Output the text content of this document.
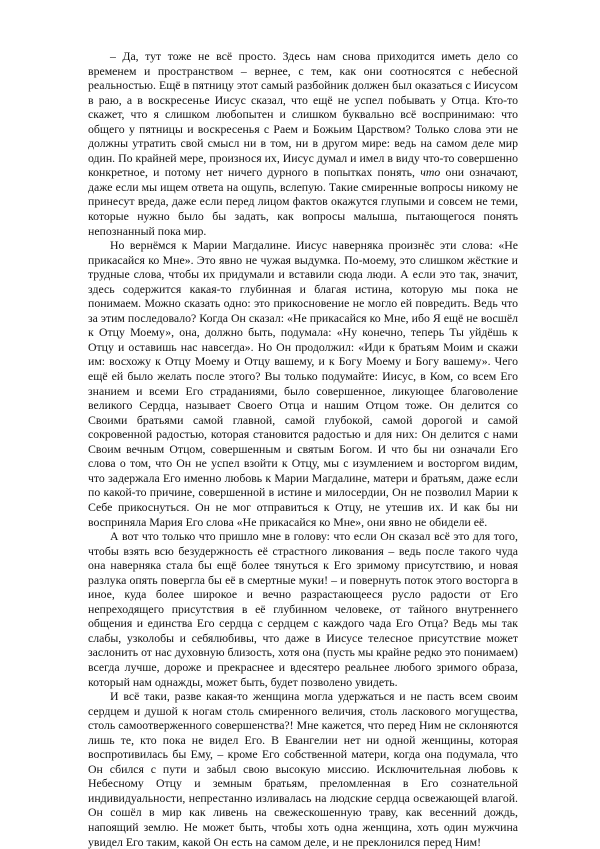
– Да, тут тоже не всё просто. Здесь нам снова приходится иметь дело со временем и пространством – вернее, с тем, как они соотносятся с небесной реальностью. Ещё в пятницу этот самый разбойник должен был оказаться с Иисусом в раю, а в воскресенье Иисус сказал, что ещё не успел побывать у Отца. Кто-то скажет, что я слишком любопытен и слишком буквально всё воспринимаю: что общего у пятницы и воскресенья с Раем и Божьим Царством? Только слова эти не должны утратить свой смысл ни в том, ни в другом мире: ведь на самом деле мир один. По крайней мере, произнося их, Иисус думал и имел в виду что-то совершенно конкретное, и потому нет ничего дурного в попытках понять, что они означают, даже если мы ищем ответа на ощупь, вслепую. Такие смиренные вопросы никому не принесут вреда, даже если перед лицом фактов окажутся глупыми и совсем не теми, которые нужно было бы задать, как вопросы малыша, пытающегося понять непознанный пока мир.

Но вернёмся к Марии Магдалине. Иисус наверняка произнёс эти слова: «Не прикасайся ко Мне». Это явно не чужая выдумка. По-моему, это слишком жёсткие и трудные слова, чтобы их придумали и вставили сюда люди. А если это так, значит, здесь содержится какая-то глубинная и благая истина, которую мы пока не понимаем. Можно сказать одно: это прикосновение не могло ей повредить. Ведь что за этим последовало? Когда Он сказал: «Не прикасайся ко Мне, ибо Я ещё не восшёл к Отцу Моему», она, должно быть, подумала: «Ну конечно, теперь Ты уйдёшь к Отцу и оставишь нас навсегда». Но Он продолжил: «Иди к братьям Моим и скажи им: восхожу к Отцу Моему и Отцу вашему, и к Богу Моему и Богу вашему». Чего ещё ей было желать после этого? Вы только подумайте: Иисус, в Ком, со всем Его знанием и всеми Его страданиями, было совершенное, ликующее благоволение великого Сердца, называет Своего Отца и нашим Отцом тоже. Он делится со Своими братьями самой главной, самой глубокой, самой дорогой и самой сокровенной радостью, которая становится радостью и для них: Он делится с нами Своим вечным Отцом, совершенным и святым Богом. И что бы ни означали Его слова о том, что Он не успел взойти к Отцу, мы с изумлением и восторгом видим, что задержала Его именно любовь к Марии Магдалине, матери и братьям, даже если по какой-то причине, совершенной в истине и милосердии, Он не позволил Марии к Себе прикоснуться. Он не мог отправиться к Отцу, не утешив их. И как бы ни восприняла Мария Его слова «Не прикасайся ко Мне», они явно не обидели её.

А вот что только что пришло мне в голову: что если Он сказал всё это для того, чтобы взять всю безудержность её страстного ликования – ведь после такого чуда она наверняка стала бы ещё более тянуться к Его зримому присутствию, и новая разлука опять повергла бы её в смертные муки! – и повернуть поток этого восторга в иное, куда более широкое и вечно разрастающееся русло радости от Его непреходящего присутствия в её глубинном человеке, от тайного внутреннего общения и единства Его сердца с сердцем с каждого чада Его Отца? Ведь мы так слабы, узколобы и себялюбивы, что даже в Иисусе телесное присутствие может заслонить от нас духовную близость, хотя она (пусть мы крайне редко это понимаем) всегда лучше, дороже и прекраснее и вдесятеро реальнее любого зримого образа, который нам однажды, может быть, будет позволено увидеть.

И всё таки, разве какая-то женщина могла удержаться и не пасть всем своим сердцем и душой к ногам столь смиренного величия, столь ласкового могущества, столь самоотверженного совершенства?! Мне кажется, что перед Ним не склоняются лишь те, кто пока не видел Его. В Евангелии нет ни одной женщины, которая воспротивилась бы Ему, – кроме Его собственной матери, когда она подумала, что Он сбился с пути и забыл свою высокую миссию. Исключительная любовь к Небесному Отцу и земным братьям, преломленная в Его сознательной индивидуальности, непрестанно изливалась на людские сердца освежающей влагой. Он сошёл в мир как ливень на свежескошенную траву, как весенний дождь, напоящий землю. Не может быть, чтобы хоть одна женщина, хоть один мужчина увидел Его таким, какой Он есть на самом деле, и не преклонился перед Ним!
